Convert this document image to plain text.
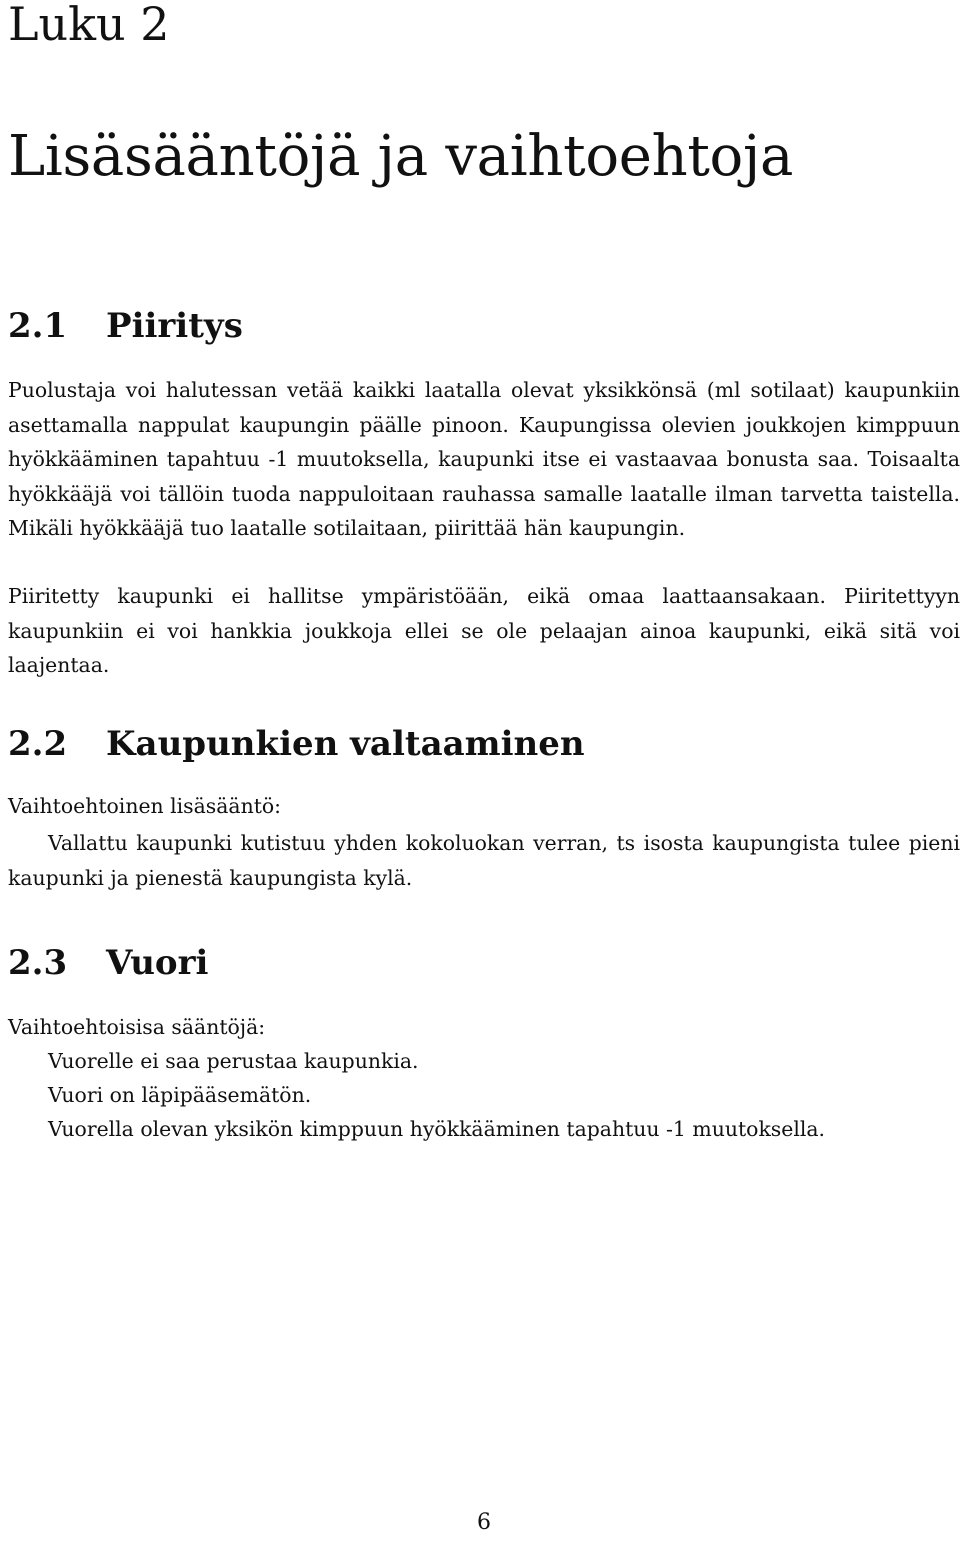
Luku 2
Lisäsääntöjä ja vaihtoehtoja
2.1 Piiritys

Puolustaja voi halutessan vetää kaikki laatalla olevat yksikkönsä (ml sotilaat) kaupunkiin asettamalla nappulat kaupungin päälle pinoon. Kaupungissa olevien joukkojen kimppuun hyökkääminen tapahtuu -1 muutoksella, kaupunki itse ei vastaavaa bonusta saa. Toisaalta hyökkääjä voi tällöin tuoda nappuloitaan rauhassa samalle laatalle ilman tarvetta taistella. Mikäli hyökkääjä tuo laatalle sotilaitaan, piirittää hän kaupungin.

Piiritetty kaupunki ei hallitse ympäristöään, eikä omaa laattaansakaan. Piiritettyyn kaupunkiin ei voi hankkia joukkoja ellei se ole pelaajan ainoa kaupunki, eikä sitä voi laajentaa.

2.2 Kaupunkien valtaaminen

Vaihtoehtoinen lisäsääntö:

Vallattu kaupunki kutistuu yhden kokoluokan verran, ts isosta kaupungista tulee pieni kaupunki ja pienestä kaupungista kylä.

2.3 Vuori

Vaihtoehtoisisa sääntöjä:

Vuorelle ei saa perustaa kaupunkia.

Vuori on läpipääsemätön.

Vuorella olevan yksikön kimppuun hyökkääminen tapahtuu -1 muutoksella.

6
